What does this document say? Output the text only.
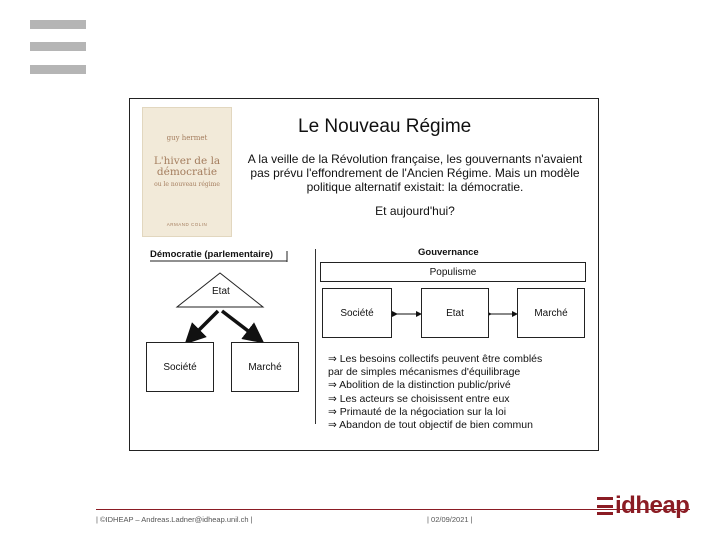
guy hermet
L'hiver de la démocratie
ou le nouveau régime
ARMAND COLIN
Le Nouveau Régime
A la veille de la Révolution française, les gouvernants n'avaient pas prévu l'effondrement de l'Ancien Régime. Mais un modèle politique alternatif existait: la démocratie.
Et aujourd'hui?
Démocratie (parlementaire)
Etat
Société	Marché
Gouvernance
Populisme
Société	Etat	Marché
⇒ Les besoins collectifs peuvent être comblés
par de simples mécanismes d'équilibrage
⇒ Abolition de la distinction public/privé
⇒ Les acteurs se choisissent entre eux
⇒ Primauté de la négociation sur la loi
⇒ Abandon de tout objectif de bien commun
| ©IDHEAP – Andreas.Ladner@idheap.unil.ch |	| 02/09/2021 |
idheap
